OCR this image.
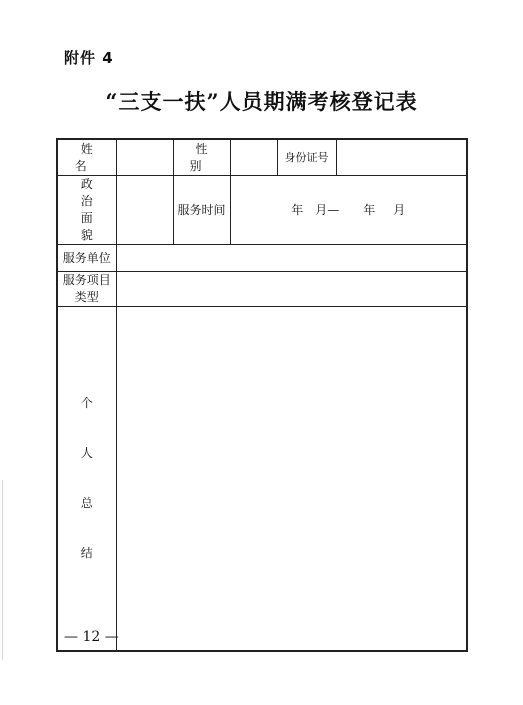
附件 4
“三支一扶”人员期满考核登记表
姓 名		性 别		身份证号	

政 治
面 貌		服务时间	年 月— 年 月		
服务单位					

服务项目
类型					

个
人
总
结					

— 12 —
